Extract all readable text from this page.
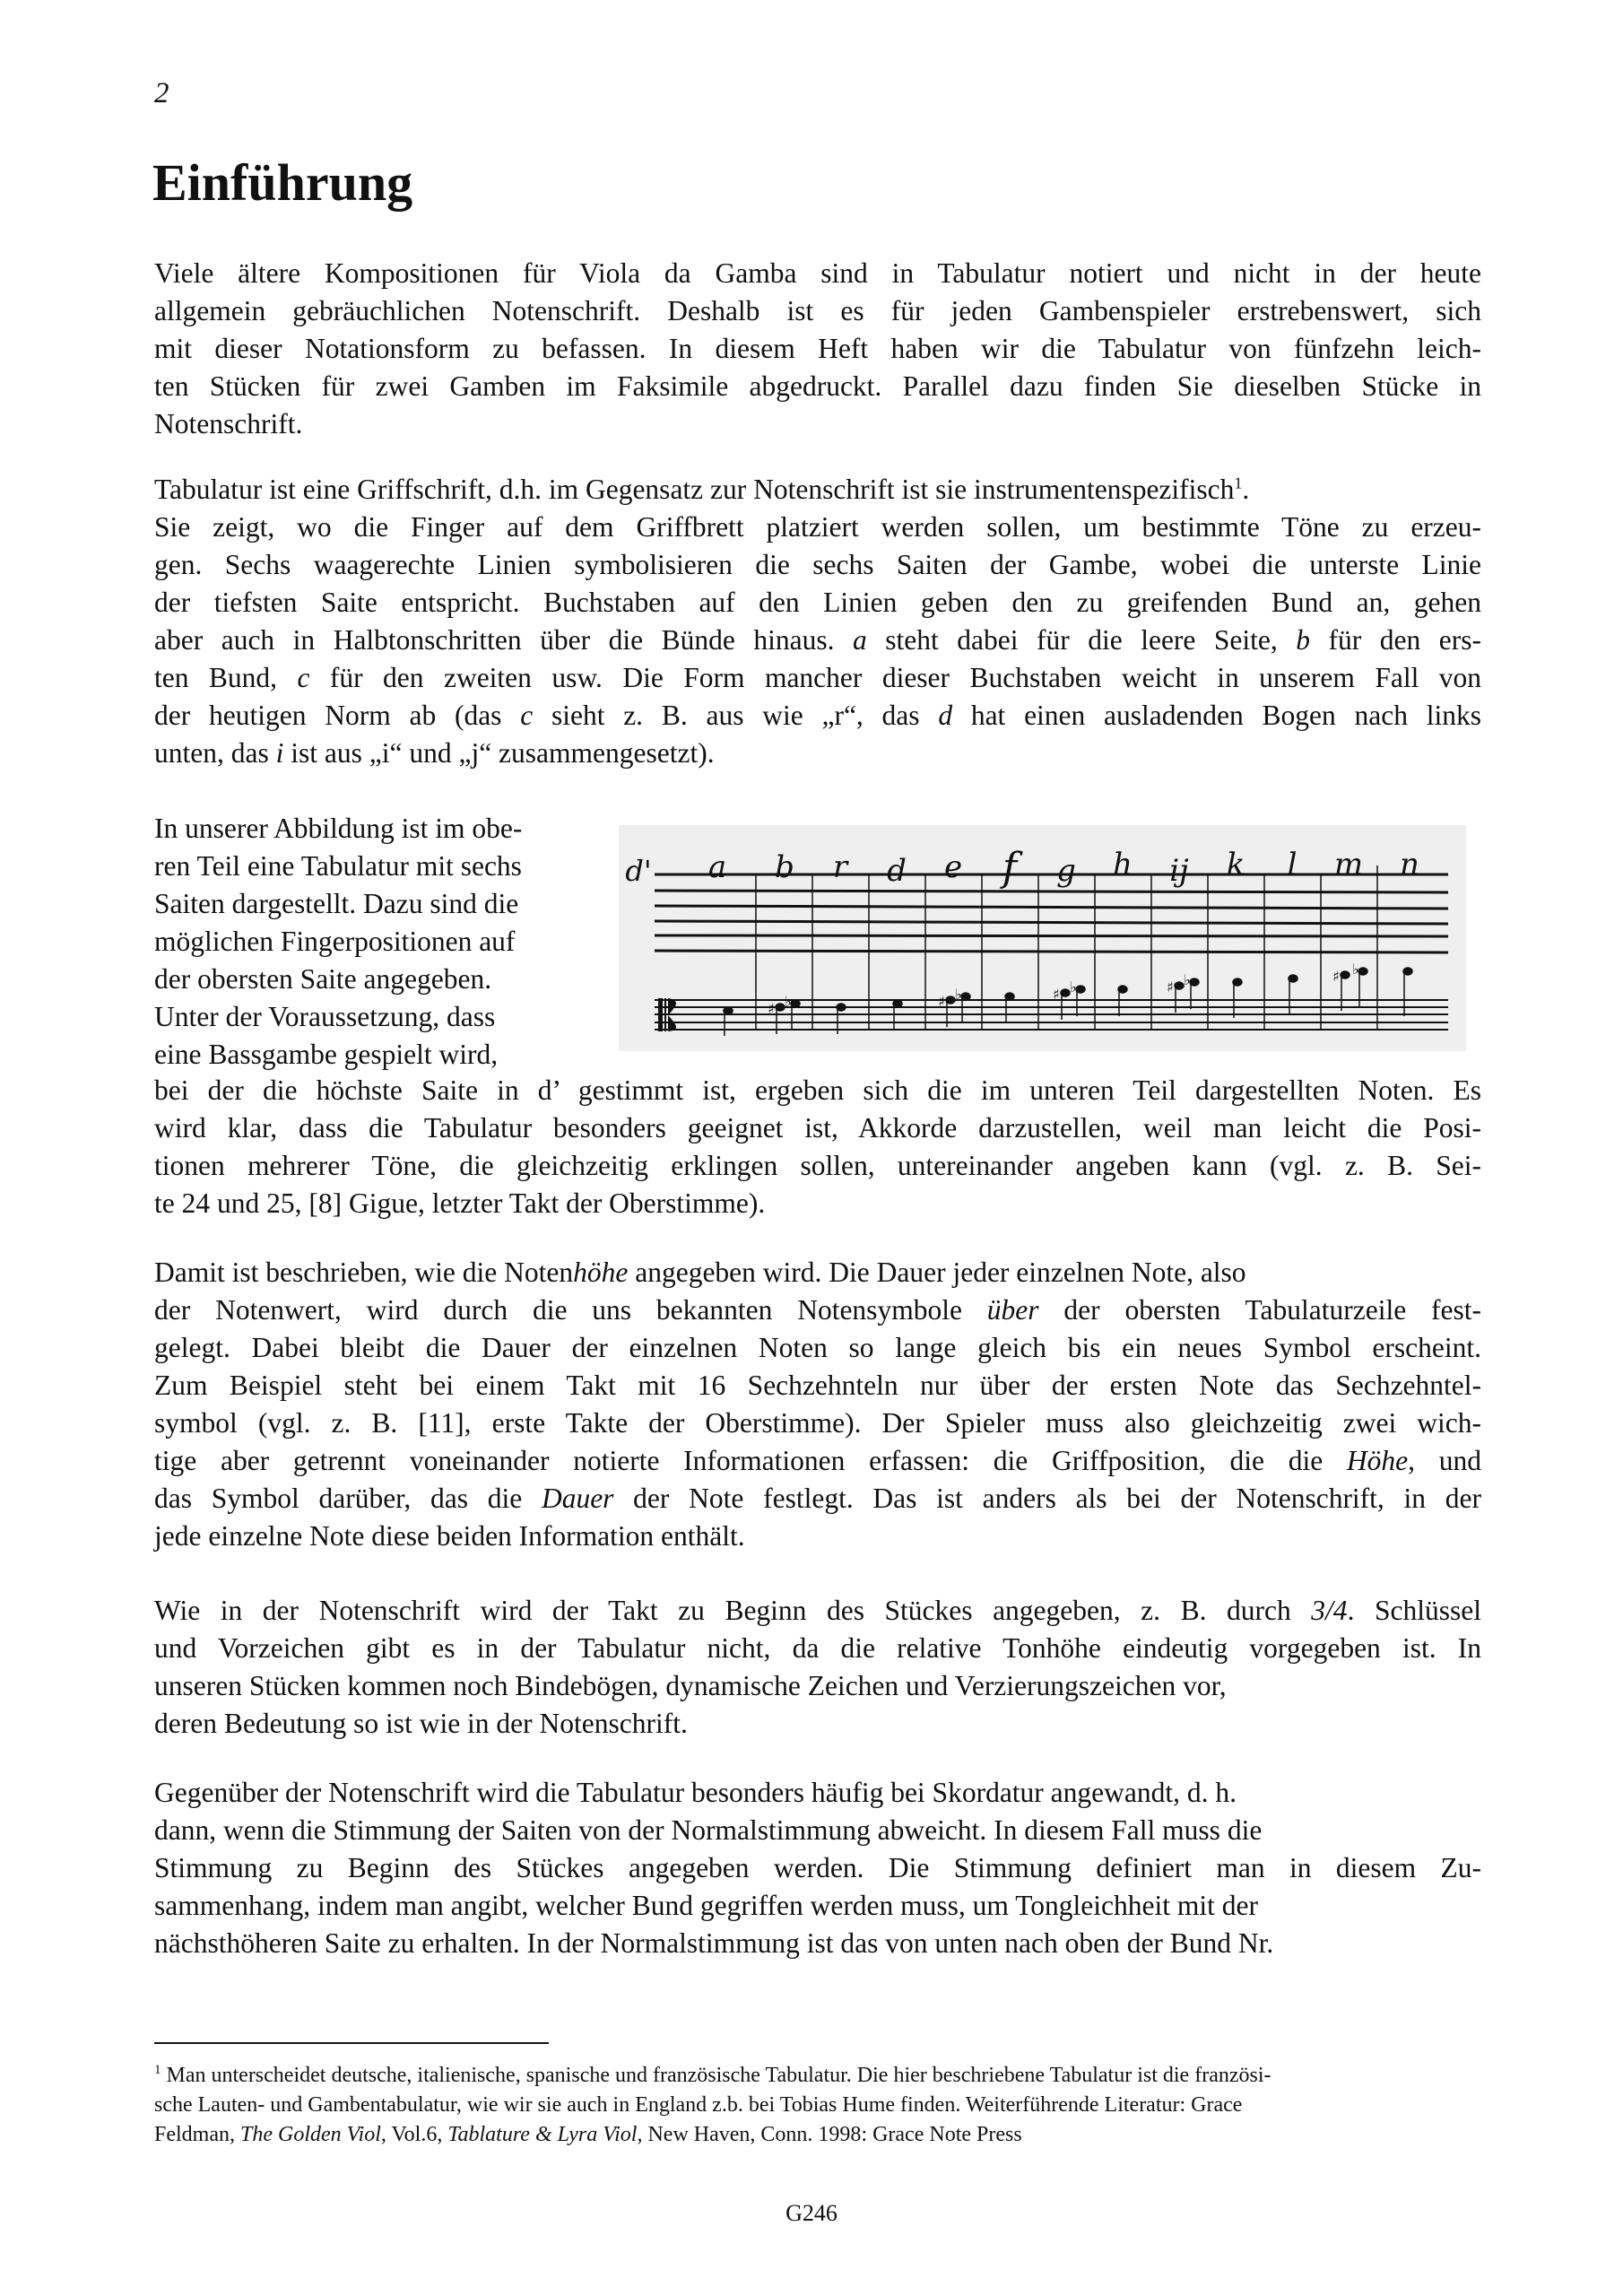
2
Einführung
Viele ältere Kompositionen für Viola da Gamba sind in Tabulatur notiert und nicht in der heute
allgemein gebräuchlichen Notenschrift. Deshalb ist es für jeden Gambenspieler erstrebenswert, sich
mit dieser Notationsform zu befassen. In diesem Heft haben wir die Tabulatur von fünfzehn leich-
ten Stücken für zwei Gamben im Faksimile abgedruckt. Parallel dazu finden Sie dieselben Stücke in
Notenschrift.
Tabulatur ist eine Griffschrift, d.h. im Gegensatz zur Notenschrift ist sie instrumentenspezifisch$^1$.
Sie zeigt, wo die Finger auf dem Griffbrett platziert werden sollen, um bestimmte Töne zu erzeu-
gen. Sechs waagerechte Linien symbolisieren die sechs Saiten der Gambe, wobei die unterste Linie
der tiefsten Saite entspricht. Buchstaben auf den Linien geben den zu greifenden Bund an, gehen
aber auch in Halbtonschritten über die Bünde hinaus. a steht dabei für die leere Seite, b für den ers-
ten Bund, c für den zweiten usw. Die Form mancher dieser Buchstaben weicht in unserem Fall von
der heutigen Norm ab (das c sieht z. B. aus wie „r“, das d hat einen ausladenden Bogen nach links
unten, das i ist aus „i“ und „j“ zusammengesetzt).
In unserer Abbildung ist im obe-
ren Teil eine Tabulatur mit sechs
Saiten dargestellt. Dazu sind die
möglichen Fingerpositionen auf
der obersten Saite angegeben.
Unter der Voraussetzung, dass
eine Bassgambe gespielt wird,
d' a b r d e f g h ij k l m n
♯ ♭	♯ ♭	♯ ♭	♯ ♭	♯ ♭
bei der die höchste Saite in d’ gestimmt ist, ergeben sich die im unteren Teil dargestellten Noten. Es
wird klar, dass die Tabulatur besonders geeignet ist, Akkorde darzustellen, weil man leicht die Posi-
tionen mehrerer Töne, die gleichzeitig erklingen sollen, untereinander angeben kann (vgl. z. B. Sei-
te 24 und 25, [8] Gigue, letzter Takt der Oberstimme).
Damit ist beschrieben, wie die Notenhöhe angegeben wird. Die Dauer jeder einzelnen Note, also
der Notenwert, wird durch die uns bekannten Notensymbole über der obersten Tabulaturzeile fest-
gelegt. Dabei bleibt die Dauer der einzelnen Noten so lange gleich bis ein neues Symbol erscheint.
Zum Beispiel steht bei einem Takt mit 16 Sechzehnteln nur über der ersten Note das Sechzehntel-
symbol (vgl. z. B. [11], erste Takte der Oberstimme). Der Spieler muss also gleichzeitig zwei wich-
tige aber getrennt voneinander notierte Informationen erfassen: die Griffposition, die die Höhe, und
das Symbol darüber, das die Dauer der Note festlegt. Das ist anders als bei der Notenschrift, in der
jede einzelne Note diese beiden Information enthält.
Wie in der Notenschrift wird der Takt zu Beginn des Stückes angegeben, z. B. durch 3/4. Schlüssel
und Vorzeichen gibt es in der Tabulatur nicht, da die relative Tonhöhe eindeutig vorgegeben ist. In
unseren Stücken kommen noch Bindebögen, dynamische Zeichen und Verzierungszeichen vor,
deren Bedeutung so ist wie in der Notenschrift.
Gegenüber der Notenschrift wird die Tabulatur besonders häufig bei Skordatur angewandt, d. h.
dann, wenn die Stimmung der Saiten von der Normalstimmung abweicht. In diesem Fall muss die
Stimmung zu Beginn des Stückes angegeben werden. Die Stimmung definiert man in diesem Zu-
sammenhang, indem man angibt, welcher Bund gegriffen werden muss, um Tongleichheit mit der
nächsthöheren Saite zu erhalten. In der Normalstimmung ist das von unten nach oben der Bund Nr.
$^1$ Man unterscheidet deutsche, italienische, spanische und französische Tabulatur. Die hier beschriebene Tabulatur ist die französi-
sche Lauten- und Gambentabulatur, wie wir sie auch in England z.b. bei Tobias Hume finden. Weiterführende Literatur: Grace
Feldman, The Golden Viol, Vol.6, Tablature & Lyra Viol, New Haven, Conn. 1998: Grace Note Press
G246
